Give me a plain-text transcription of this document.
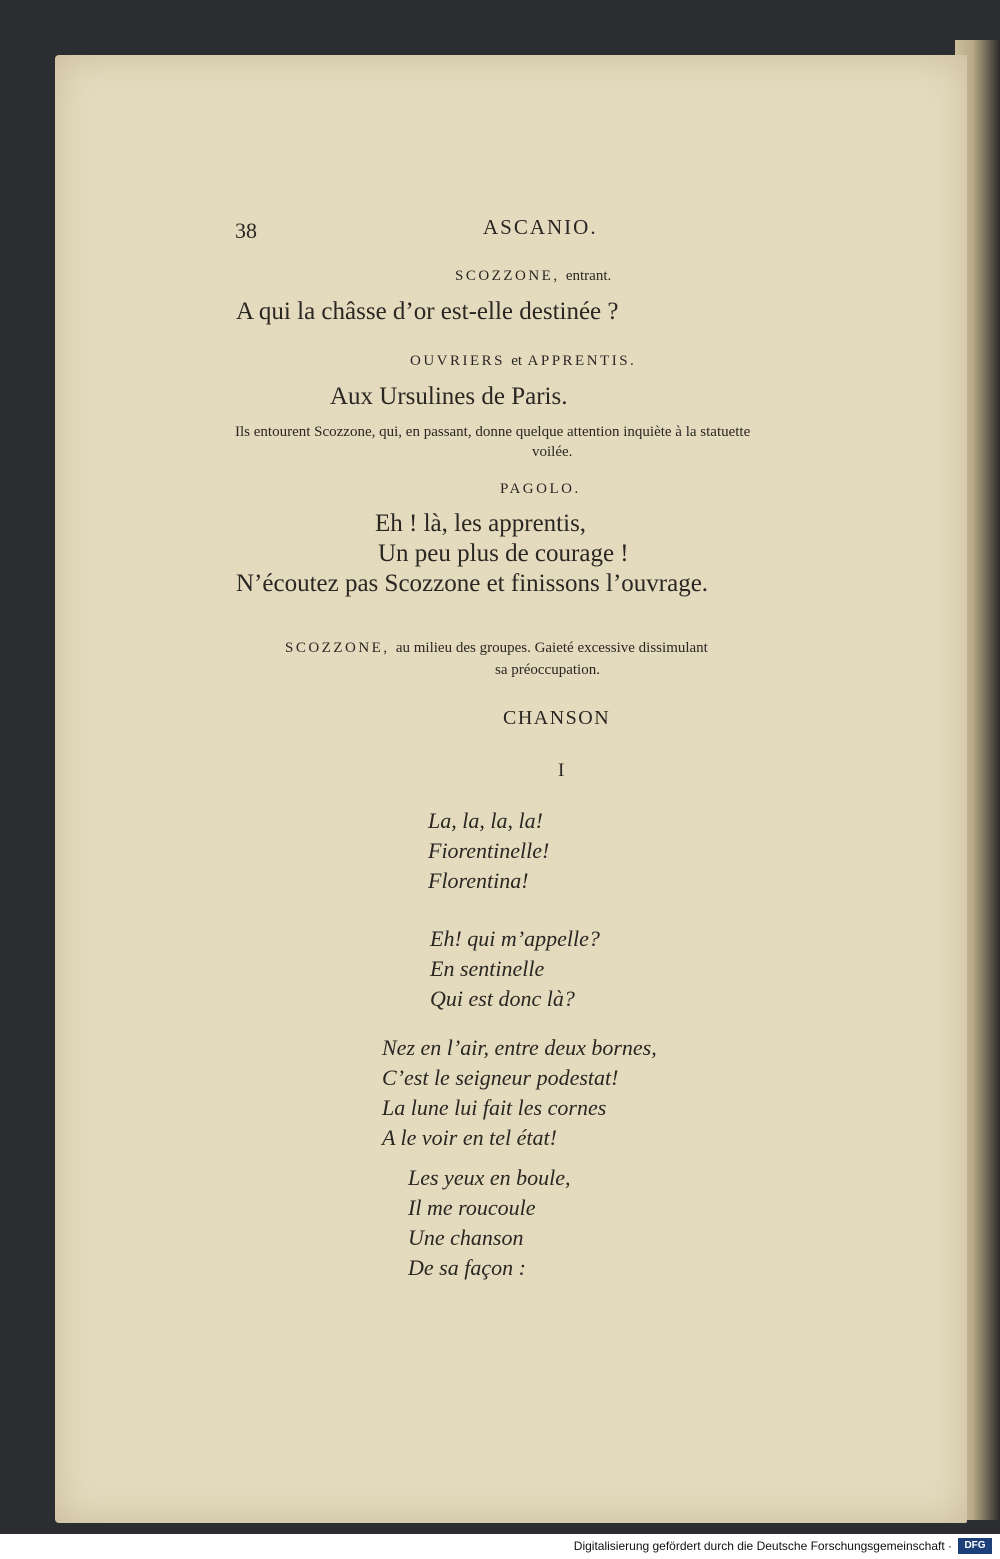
38	ASCANIO.
SCOZZONE, entrant.
A qui la châsse d’or est-elle destinée ?
OUVRIERS et APPRENTIS.
Aux Ursulines de Paris.
Ils entourent Scozzone, qui, en passant, donne quelque attention inquiète à la statuette
voilée.
PAGOLO.
Eh ! là, les apprentis,
Un peu plus de courage !
N’écoutez pas Scozzone et finissons l’ouvrage.
SCOZZONE, au milieu des groupes. Gaieté excessive dissimulant
sa préoccupation.
CHANSON
I
La, la, la, la!
Fiorentinelle!
Florentina!
Eh! qui m’appelle?
En sentinelle
Qui est donc là?
Nez en l’air, entre deux bornes,
C’est le seigneur podestat!
La lune lui fait les cornes
A le voir en tel état!
Les yeux en boule,
Il me roucoule
Une chanson
De sa façon :
Digitalisierung gefördert durch die Deutsche Forschungsgemeinschaft ·	DFG
